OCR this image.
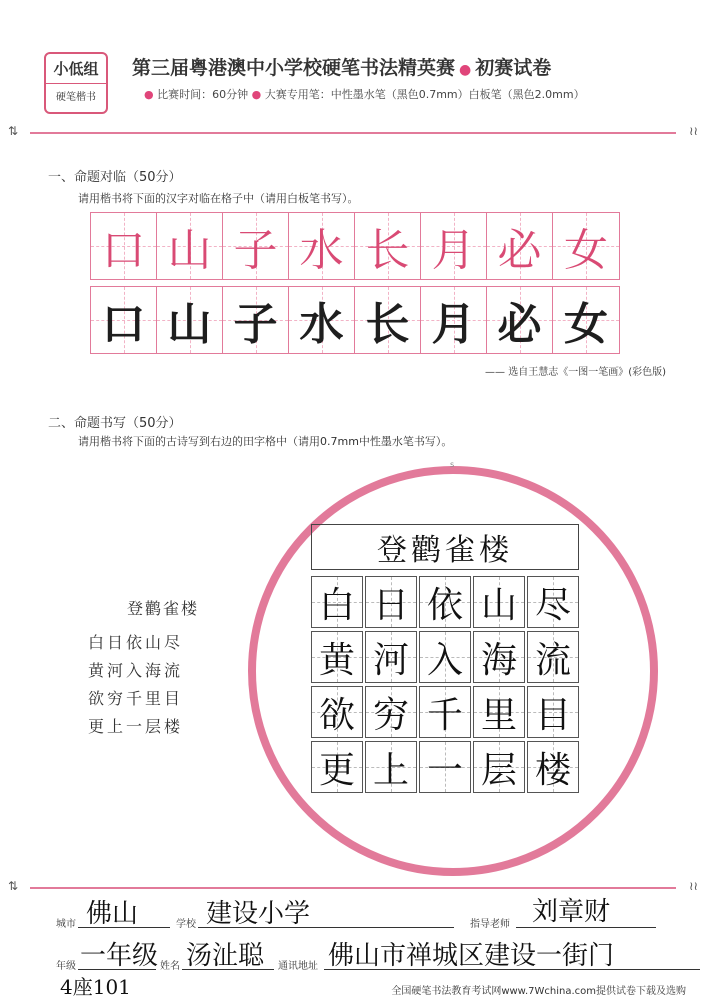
小低组
硬笔楷书
第三届粤港澳中小学校硬笔书法精英赛 ● 初赛试卷
● 比赛时间：60分钟 ● 大赛专用笔：中性墨水笔（黑色0.7mm）白板笔（黑色2.0mm）
⇅	≀≀
一、命题对临（50分）
请用楷书将下面的汉字对临在格子中（请用白板笔书写）。
口 山 子 水 长 月 必 女
口 山 子 水 长 月 必 女
—— 选自王慧志《一图一笔画》(彩色版)
二、命题书写（50分）
请用楷书将下面的古诗写到右边的田字格中（请用0.7mm中性墨水笔书写）。
登鹳雀楼
白日依山尽
黄河入海流
欲穷千里目
更上一层楼
s
登鹳雀楼
白 日 依 山 尽
黄 河 入 海 流
欲 穷 千 里 目
更 上 一 层 楼
⇅	≀≀
城市 佛山	学校 建设小学	指导老师 刘章财
年级 一年级 姓名 汤沚聪 通讯地址 佛山市禅城区建设一街门
4座101	全国硬笔书法教育考试网www.7Wchina.com提供试卷下载及选购
